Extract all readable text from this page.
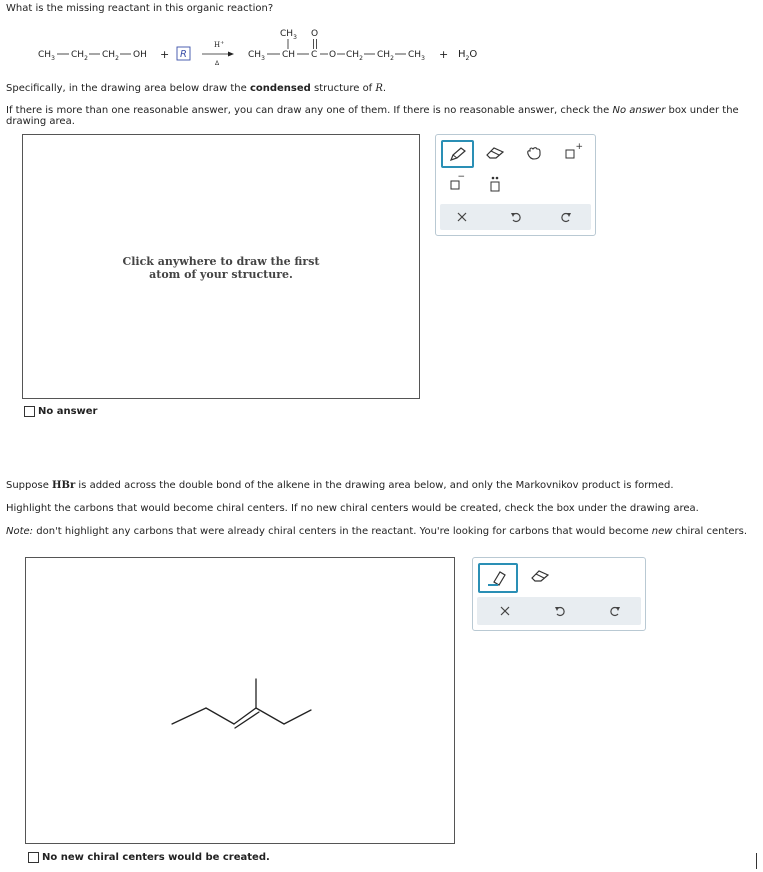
What is the missing reactant in this organic reaction?
$CH_3$ $CH_2$ $CH_2$ OH + R
H+
Δ
$CH_3$ CH
$CH_3$
C
O
O $CH_2$ $CH_2$ $CH_3 + H_2O$
Specifically, in the drawing area below draw the condensed structure of R.
If there is more than one reasonable answer, you can draw any one of them. If there is no reasonable answer, check the No answer box under the drawing area.
Click anywhere to draw the first
atom of your structure.
+
−
No answer
Suppose HBr is added across the double bond of the alkene in the drawing area below, and only the Markovnikov product is formed.
Highlight the carbons that would become chiral centers. If no new chiral centers would be created, check the box under the drawing area.
Note: don't highlight any carbons that were already chiral centers in the reactant. You're looking for carbons that would become new chiral centers.
No new chiral centers would be created.
